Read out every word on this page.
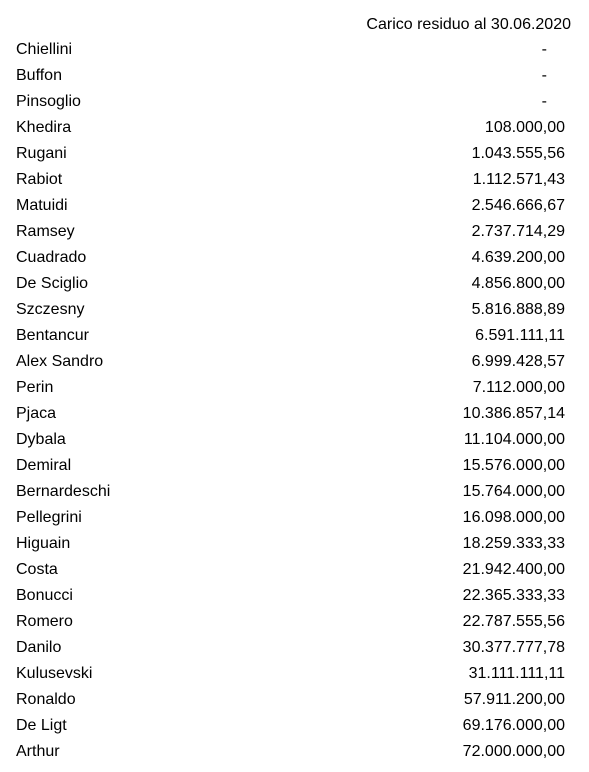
Carico residuo al 30.06.2020
Chiellini	-
Buffon	-
Pinsoglio	-
Khedira	108.000,00
Rugani	1.043.555,56
Rabiot	1.112.571,43
Matuidi	2.546.666,67
Ramsey	2.737.714,29
Cuadrado	4.639.200,00
De Sciglio	4.856.800,00
Szczesny	5.816.888,89
Bentancur	6.591.111,11
Alex Sandro	6.999.428,57
Perin	7.112.000,00
Pjaca	10.386.857,14
Dybala	11.104.000,00
Demiral	15.576.000,00
Bernardeschi	15.764.000,00
Pellegrini	16.098.000,00
Higuain	18.259.333,33
Costa	21.942.400,00
Bonucci	22.365.333,33
Romero	22.787.555,56
Danilo	30.377.777,78
Kulusevski	31.111.111,11
Ronaldo	57.911.200,00
De Ligt	69.176.000,00
Arthur	72.000.000,00
